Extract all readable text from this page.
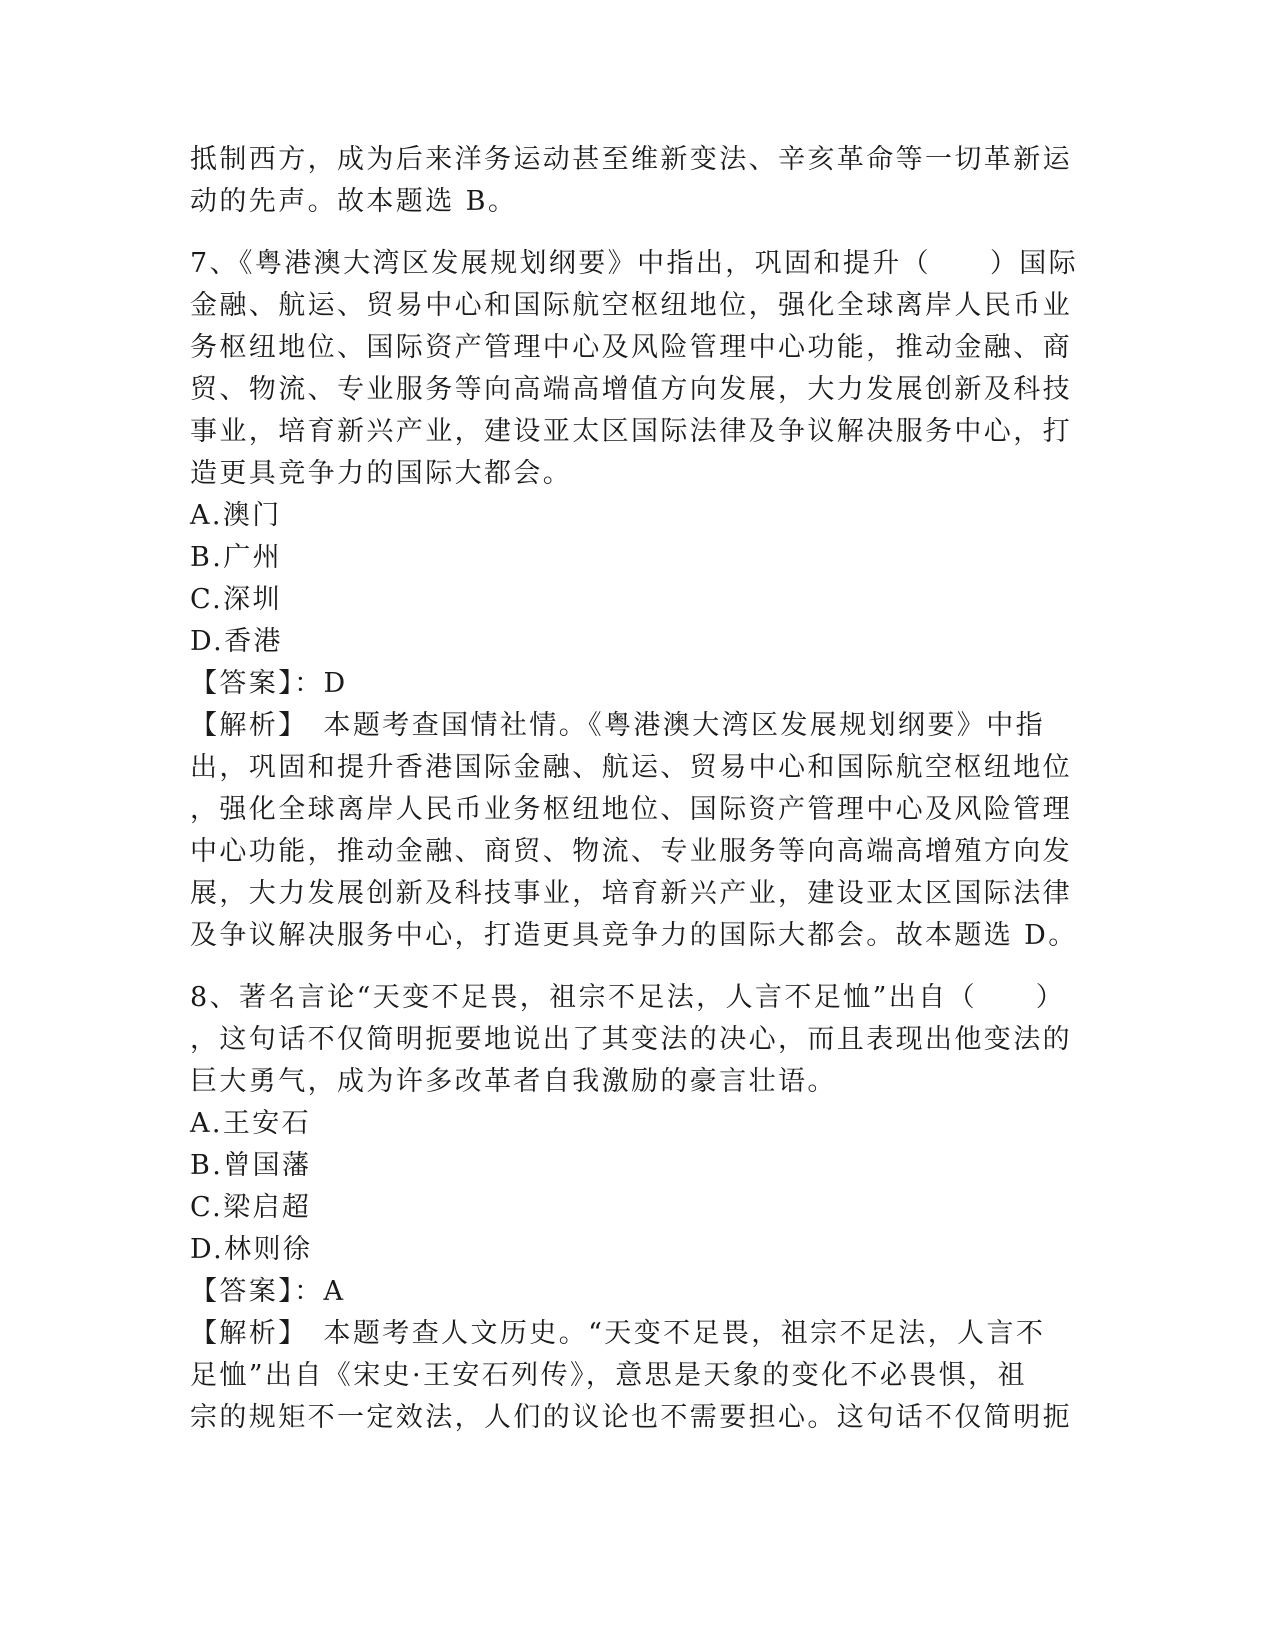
抵制西方，成为后来洋务运动甚至维新变法、辛亥革命等一切革新运
动的先声。故本题选 B。
7、《粤港澳大湾区发展规划纲要》中指出，巩固和提升（　　）国际
金融、航运、贸易中心和国际航空枢纽地位，强化全球离岸人民币业
务枢纽地位、国际资产管理中心及风险管理中心功能，推动金融、商
贸、物流、专业服务等向高端高增值方向发展，大力发展创新及科技
事业，培育新兴产业，建设亚太区国际法律及争议解决服务中心，打
造更具竞争力的国际大都会。
A.澳门
B.广州
C.深圳
D.香港
【答案】：D
【解析】　本题考查国情社情。《粤港澳大湾区发展规划纲要》中指
出，巩固和提升香港国际金融、航运、贸易中心和国际航空枢纽地位
，强化全球离岸人民币业务枢纽地位、国际资产管理中心及风险管理
中心功能，推动金融、商贸、物流、专业服务等向高端高增殖方向发
展，大力发展创新及科技事业，培育新兴产业，建设亚太区国际法律
及争议解决服务中心，打造更具竞争力的国际大都会。故本题选 D。
8、著名言论“天变不足畏，祖宗不足法，人言不足恤”出自（　　）
，这句话不仅简明扼要地说出了其变法的决心，而且表现出他变法的
巨大勇气，成为许多改革者自我激励的豪言壮语。
A.王安石
B.曾国藩
C.梁启超
D.林则徐
【答案】：A
【解析】　本题考查人文历史。“天变不足畏，祖宗不足法，人言不
足恤”出自《宋史·王安石列传》，意思是天象的变化不必畏惧，祖
宗的规矩不一定效法，人们的议论也不需要担心。这句话不仅简明扼
